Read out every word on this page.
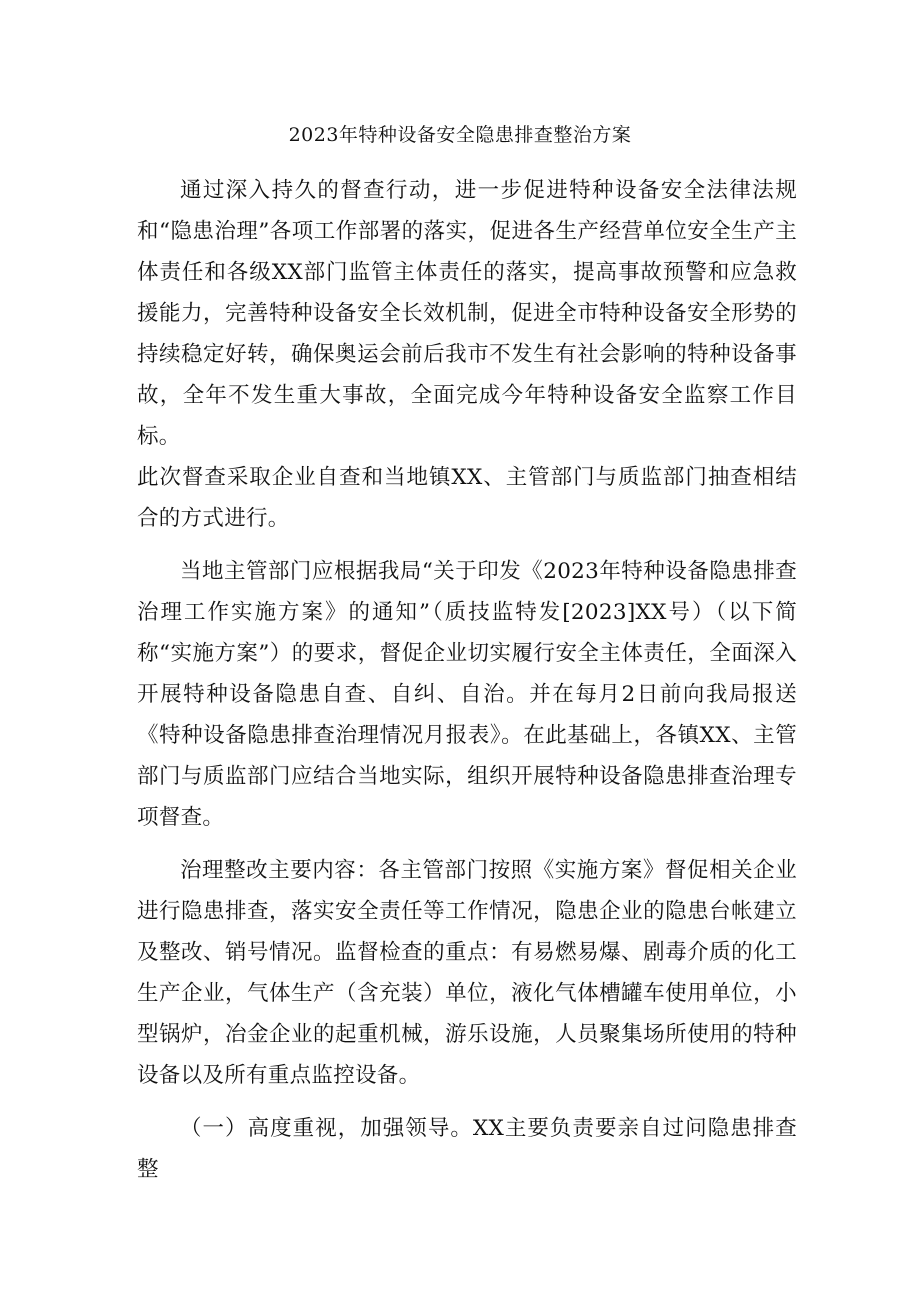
2023年特种设备安全隐患排查整治方案

通过深入持久的督查行动，进一步促进特种设备安全法律法规和“隐患治理”各项工作部署的落实，促进各生产经营单位安全生产主体责任和各级XX部门监管主体责任的落实，提高事故预警和应急救援能力，完善特种设备安全长效机制，促进全市特种设备安全形势的持续稳定好转，确保奥运会前后我市不发生有社会影响的特种设备事故，全年不发生重大事故，全面完成今年特种设备安全监察工作目标。

此次督查采取企业自查和当地镇XX、主管部门与质监部门抽查相结合的方式进行。

当地主管部门应根据我局“关于印发《2023年特种设备隐患排查治理工作实施方案》的通知”（质技监特发[2023]XX号）（以下简称“实施方案”）的要求，督促企业切实履行安全主体责任，全面深入开展特种设备隐患自查、自纠、自治。并在每月2日前向我局报送《特种设备隐患排查治理情况月报表》。在此基础上，各镇XX、主管部门与质监部门应结合当地实际，组织开展特种设备隐患排查治理专项督查。

治理整改主要内容：各主管部门按照《实施方案》督促相关企业进行隐患排查，落实安全责任等工作情况，隐患企业的隐患台帐建立及整改、销号情况。监督检查的重点：有易燃易爆、剧毒介质的化工生产企业，气体生产（含充装）单位，液化气体槽罐车使用单位，小型锅炉，冶金企业的起重机械，游乐设施，人员聚集场所使用的特种设备以及所有重点监控设备。

（一）高度重视，加强领导。XX主要负责要亲自过问隐患排查整
